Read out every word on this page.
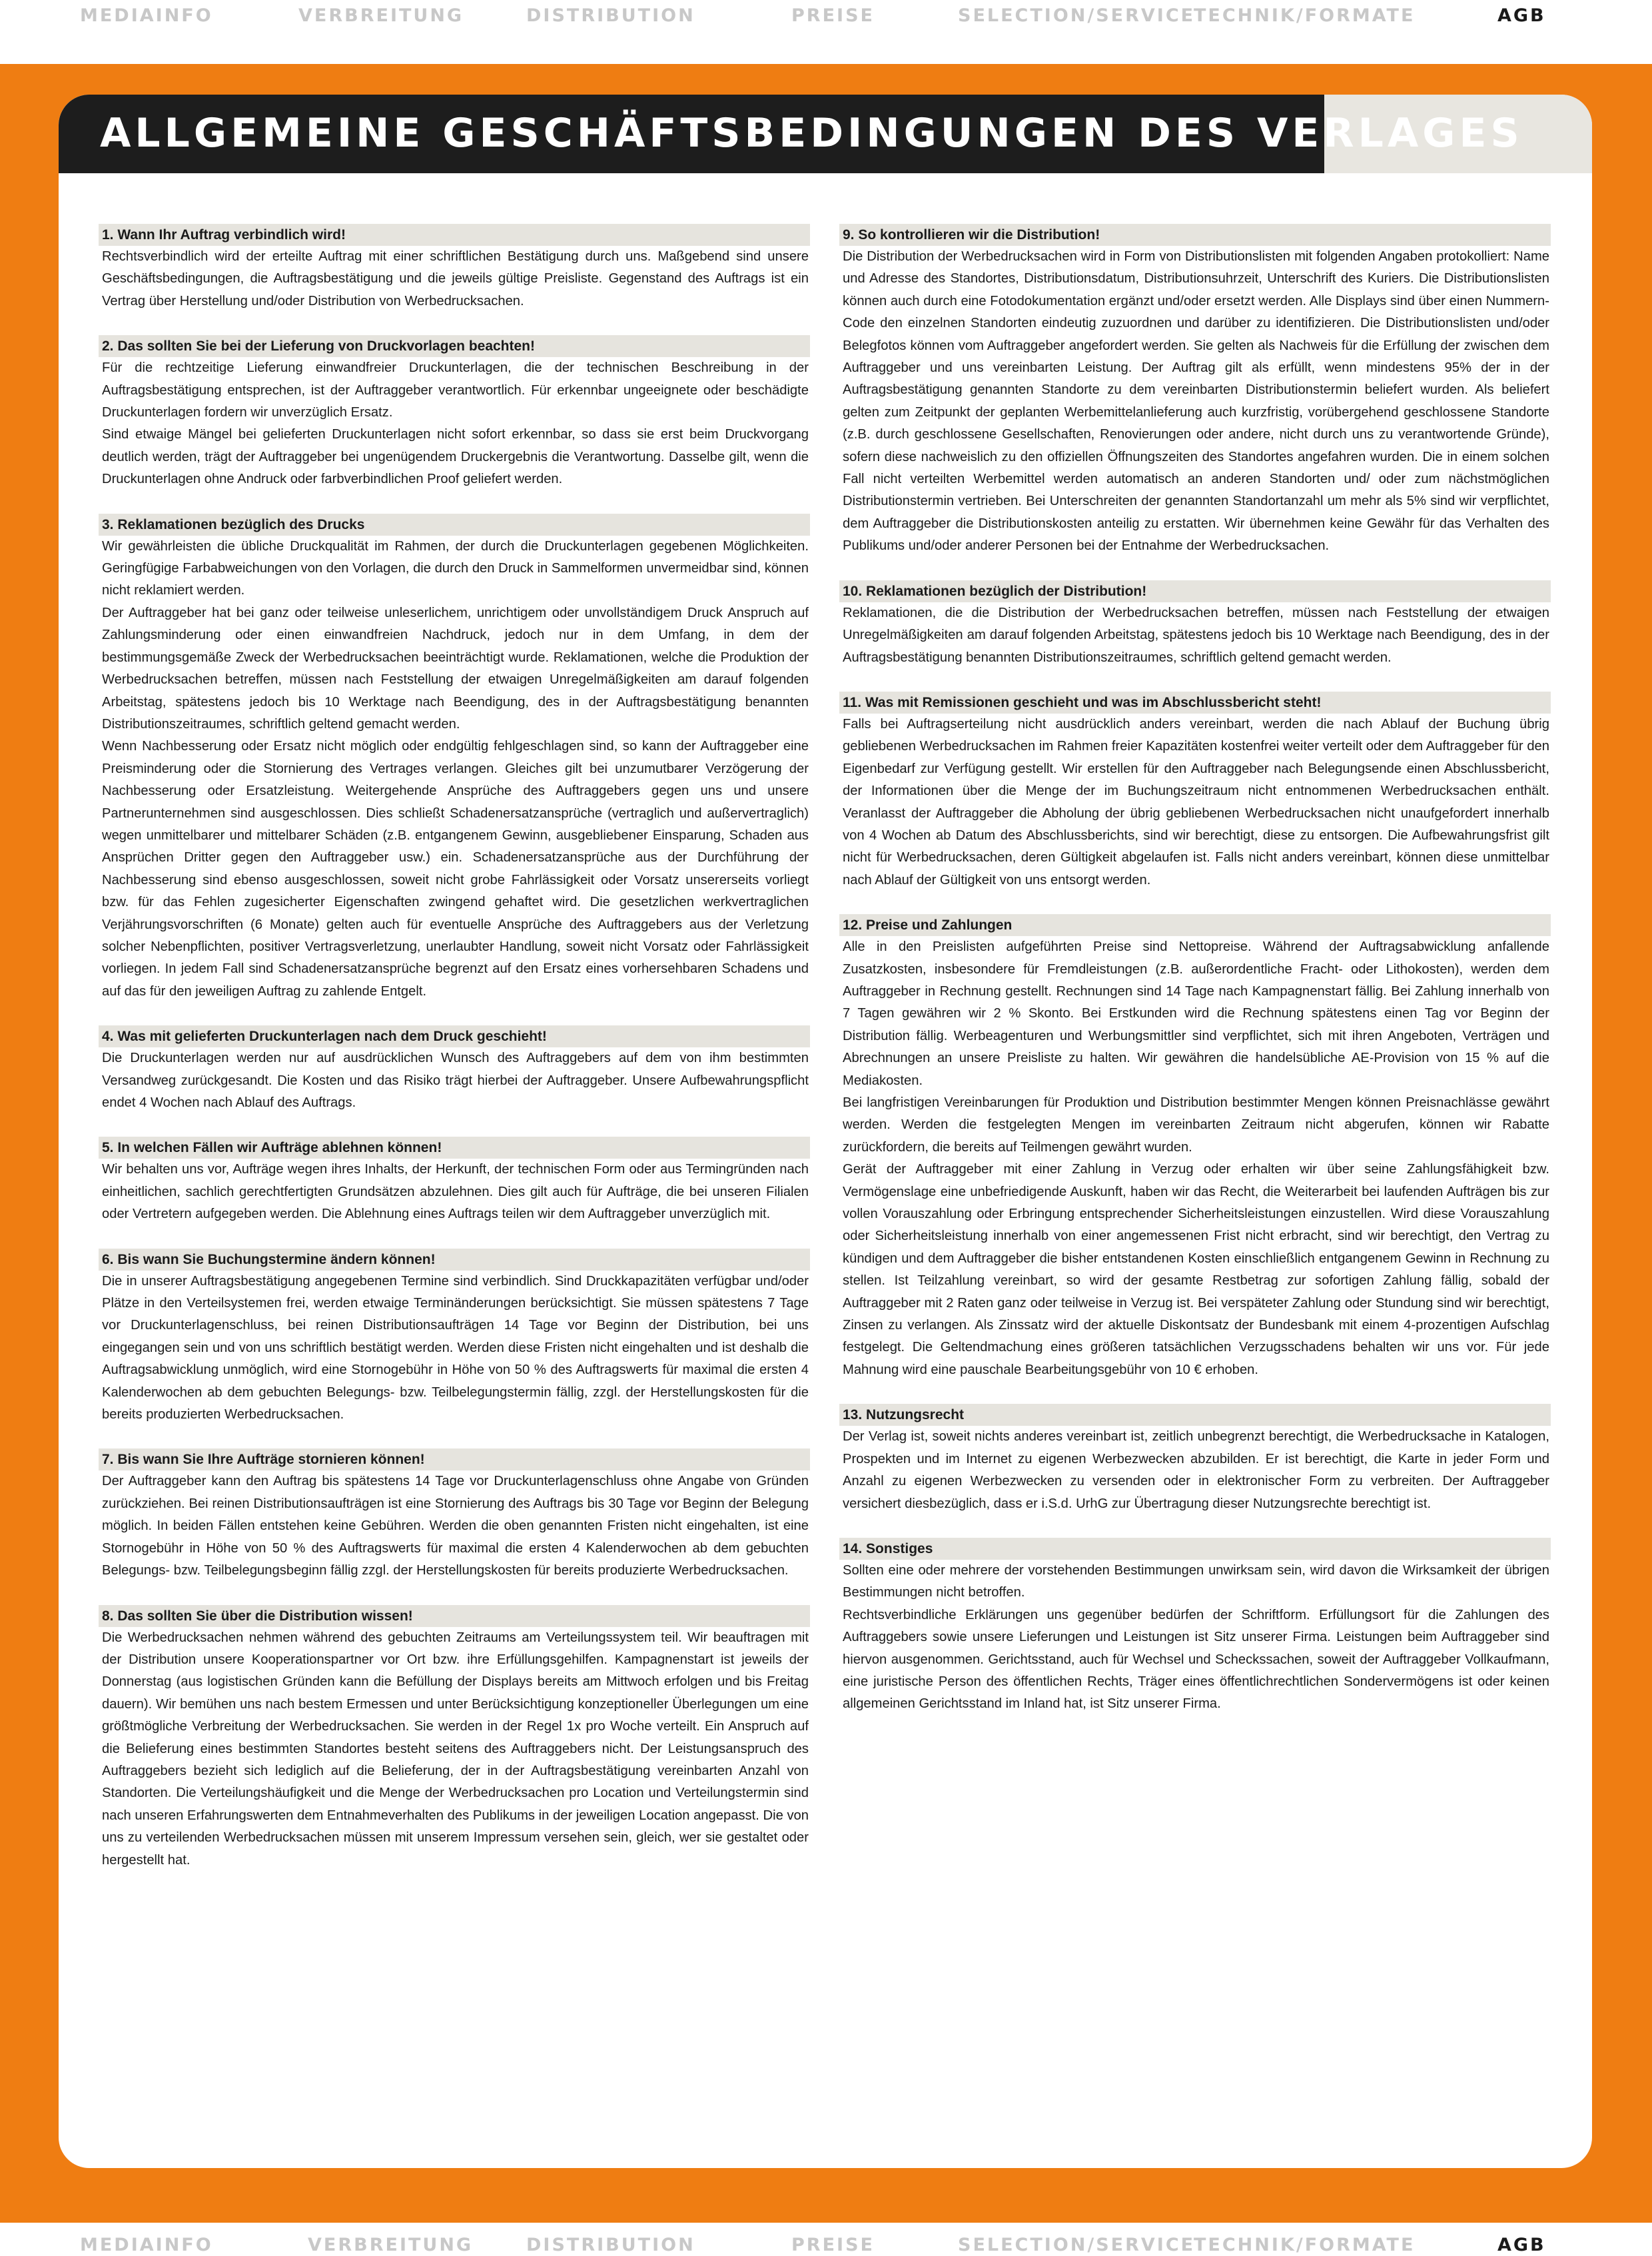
MEDIAINFO	VERBREITUNG	DISTRIBUTION	PREISE	SELECTION/SERVICE
TECHNIK/FORMATE	AGB
ALLGEMEINE GESCHÄFTSBEDINGUNGEN DES VERLAGES
1. Wann Ihr Auftrag verbindlich wird!

Rechtsverbindlich wird der erteilte Auftrag mit einer schriftlichen Bestätigung durch uns. Maßgebend sind unsere Geschäftsbedingungen, die Auftragsbestätigung und die jeweils gültige Preisliste. Gegenstand des Auftrags ist ein Vertrag über Herstellung und/oder Distribution von Werbedrucksachen.

2. Das sollten Sie bei der Lieferung von Druckvorlagen beachten!

Für die rechtzeitige Lieferung einwandfreier Druckunterlagen, die der technischen Beschreibung in der Auftragsbestätigung entsprechen, ist der Auftraggeber verantwortlich. Für erkennbar ungeeignete oder beschädigte Druckunterlagen fordern wir unverzüglich Ersatz.

Sind etwaige Mängel bei gelieferten Druckunterlagen nicht sofort erkennbar, so dass sie erst beim Druckvorgang deutlich werden, trägt der Auftraggeber bei ungenügendem Druckergebnis die Verantwortung. Dasselbe gilt, wenn die Druckunterlagen ohne Andruck oder farbverbindlichen Proof geliefert werden.

3. Reklamationen bezüglich des Drucks

Wir gewährleisten die übliche Druckqualität im Rahmen, der durch die Druckunterlagen gegebenen Möglichkeiten. Geringfügige Farbabweichungen von den Vorlagen, die durch den Druck in Sammelformen unvermeidbar sind, können nicht reklamiert werden.

Der Auftraggeber hat bei ganz oder teilweise unleserlichem, unrichtigem oder unvollständigem Druck Anspruch auf Zahlungsminderung oder einen einwandfreien Nachdruck, jedoch nur in dem Umfang, in dem der bestimmungsgemäße Zweck der Werbedrucksachen beeinträchtigt wurde. Reklamationen, welche die Produktion der Werbedrucksachen betreffen, müssen nach Feststellung der etwaigen Unregelmäßigkeiten am darauf folgenden Arbeitstag, spätestens jedoch bis 10 Werktage nach Beendigung, des in der Auftragsbestätigung benannten Distributionszeitraumes, schriftlich geltend gemacht werden.

Wenn Nachbesserung oder Ersatz nicht möglich oder endgültig fehlgeschlagen sind, so kann der Auftraggeber eine Preisminderung oder die Stornierung des Vertrages verlangen. Gleiches gilt bei unzumutbarer Verzögerung der Nachbesserung oder Ersatzleistung. Weitergehende Ansprüche des Auftraggebers gegen uns und unsere Partnerunternehmen sind ausgeschlossen. Dies schließt Schadenersatzansprüche (vertraglich und außervertraglich) wegen unmittelbarer und mittelbarer Schäden (z.B. entgangenem Gewinn, ausgebliebener Einsparung, Schaden aus Ansprüchen Dritter gegen den Auftraggeber usw.) ein. Schadenersatzansprüche aus der Durchführung der Nachbesserung sind ebenso ausgeschlossen, soweit nicht grobe Fahrlässigkeit oder Vorsatz unsererseits vorliegt bzw. für das Fehlen zugesicherter Eigenschaften zwingend gehaftet wird. Die gesetzlichen werkvertraglichen Verjährungsvorschriften (6 Monate) gelten auch für eventuelle Ansprüche des Auftraggebers aus der Verletzung solcher Nebenpflichten, positiver Vertragsverletzung, unerlaubter Handlung, soweit nicht Vorsatz oder Fahrlässigkeit vorliegen. In jedem Fall sind Schadenersatzansprüche begrenzt auf den Ersatz eines vorhersehbaren Schadens und auf das für den jeweiligen Auftrag zu zahlende Entgelt.

4. Was mit gelieferten Druckunterlagen nach dem Druck geschieht!

Die Druckunterlagen werden nur auf ausdrücklichen Wunsch des Auftraggebers auf dem von ihm bestimmten Versandweg zurückgesandt. Die Kosten und das Risiko trägt hierbei der Auftraggeber. Unsere Aufbewahrungspflicht endet 4 Wochen nach Ablauf des Auftrags.

5. In welchen Fällen wir Aufträge ablehnen können!

Wir behalten uns vor, Aufträge wegen ihres Inhalts, der Herkunft, der technischen Form oder aus Termingründen nach einheitlichen, sachlich gerechtfertigten Grundsätzen abzulehnen. Dies gilt auch für Aufträge, die bei unseren Filialen oder Vertretern aufgegeben werden. Die Ablehnung eines Auftrags teilen wir dem Auftraggeber unverzüglich mit.

6. Bis wann Sie Buchungstermine ändern können!

Die in unserer Auftragsbestätigung angegebenen Termine sind verbindlich. Sind Druckkapazitäten verfügbar und/oder Plätze in den Verteilsystemen frei, werden etwaige Terminänderungen berücksichtigt. Sie müssen spätestens 7 Tage vor Druckunterlagenschluss, bei reinen Distributionsaufträgen 14 Tage vor Beginn der Distribution, bei uns eingegangen sein und von uns schriftlich bestätigt werden. Werden diese Fristen nicht eingehalten und ist deshalb die Auftragsabwicklung unmöglich, wird eine Stornogebühr in Höhe von 50 % des Auftragswerts für maximal die ersten 4 Kalenderwochen ab dem gebuchten Belegungs- bzw. Teilbelegungstermin fällig, zzgl. der Herstellungskosten für die bereits produzierten Werbedrucksachen.

7. Bis wann Sie Ihre Aufträge stornieren können!

Der Auftraggeber kann den Auftrag bis spätestens 14 Tage vor Druckunterlagenschluss ohne Angabe von Gründen zurückziehen. Bei reinen Distributionsaufträgen ist eine Stornierung des Auftrags bis 30 Tage vor Beginn der Belegung möglich. In beiden Fällen entstehen keine Gebühren. Werden die oben genannten Fristen nicht eingehalten, ist eine Stornogebühr in Höhe von 50 % des Auftragswerts für maximal die ersten 4 Kalenderwochen ab dem gebuchten Belegungs- bzw. Teilbelegungsbeginn fällig zzgl. der Herstellungskosten für bereits produzierte Werbedrucksachen.

8. Das sollten Sie über die Distribution wissen!

Die Werbedrucksachen nehmen während des gebuchten Zeitraums am Verteilungssystem teil. Wir beauftragen mit der Distribution unsere Kooperationspartner vor Ort bzw. ihre Erfüllungsgehilfen. Kampagnenstart ist jeweils der Donnerstag (aus logistischen Gründen kann die Befüllung der Displays bereits am Mittwoch erfolgen und bis Freitag dauern). Wir bemühen uns nach bestem Ermessen und unter Berücksichtigung konzeptioneller Überlegungen um eine größtmögliche Verbreitung der Werbedrucksachen. Sie werden in der Regel 1x pro Woche verteilt. Ein Anspruch auf die Belieferung eines bestimmten Standortes besteht seitens des Auftraggebers nicht. Der Leistungsanspruch des Auftraggebers bezieht sich lediglich auf die Belieferung, der in der Auftragsbestätigung vereinbarten Anzahl von Standorten. Die Verteilungshäufigkeit und die Menge der Werbedrucksachen pro Location und Verteilungstermin sind nach unseren Erfahrungswerten dem Entnahmeverhalten des Publikums in der jeweiligen Location angepasst. Die von uns zu verteilenden Werbedrucksachen müssen mit unserem Impressum versehen sein, gleich, wer sie gestaltet oder hergestellt hat.

9. So kontrollieren wir die Distribution!

Die Distribution der Werbedrucksachen wird in Form von Distributionslisten mit folgenden Angaben protokolliert: Name und Adresse des Standortes, Distributionsdatum, Distributionsuhrzeit, Unterschrift des Kuriers. Die Distributionslisten können auch durch eine Fotodokumentation ergänzt und/oder ersetzt werden. Alle Displays sind über einen Nummern-Code den einzelnen Standorten eindeutig zuzuordnen und darüber zu identifizieren. Die Distributionslisten und/oder Belegfotos können vom Auftraggeber angefordert werden. Sie gelten als Nachweis für die Erfüllung der zwischen dem Auftraggeber und uns vereinbarten Leistung. Der Auftrag gilt als erfüllt, wenn mindestens 95% der in der Auftragsbestätigung genannten Standorte zu dem vereinbarten Distributionstermin beliefert wurden. Als beliefert gelten zum Zeitpunkt der geplanten Werbemittelanlieferung auch kurzfristig, vorübergehend geschlossene Standorte (z.B. durch geschlossene Gesellschaften, Renovierungen oder andere, nicht durch uns zu verantwortende Gründe), sofern diese nachweislich zu den offiziellen Öffnungszeiten des Standortes angefahren wurden. Die in einem solchen Fall nicht verteilten Werbemittel werden automatisch an anderen Standorten und/ oder zum nächstmöglichen Distributionstermin vertrieben. Bei Unterschreiten der genannten Standortanzahl um mehr als 5% sind wir verpflichtet, dem Auftraggeber die Distributionskosten anteilig zu erstatten. Wir übernehmen keine Gewähr für das Verhalten des Publikums und/oder anderer Personen bei der Entnahme der Werbedrucksachen.

10. Reklamationen bezüglich der Distribution!

Reklamationen, die die Distribution der Werbedrucksachen betreffen, müssen nach Feststellung der etwaigen Unregelmäßigkeiten am darauf folgenden Arbeitstag, spätestens jedoch bis 10 Werktage nach Beendigung, des in der Auftragsbestätigung benannten Distributionszeitraumes, schriftlich geltend gemacht werden.

11. Was mit Remissionen geschieht und was im Abschlussbericht steht!

Falls bei Auftragserteilung nicht ausdrücklich anders vereinbart, werden die nach Ablauf der Buchung übrig gebliebenen Werbedrucksachen im Rahmen freier Kapazitäten kostenfrei weiter verteilt oder dem Auftraggeber für den Eigenbedarf zur Verfügung gestellt. Wir erstellen für den Auftraggeber nach Belegungsende einen Abschlussbericht, der Informationen über die Menge der im Buchungszeitraum nicht entnommenen Werbedrucksachen enthält. Veranlasst der Auftraggeber die Abholung der übrig gebliebenen Werbedrucksachen nicht unaufgefordert innerhalb von 4 Wochen ab Datum des Abschlussberichts, sind wir berechtigt, diese zu entsorgen. Die Aufbewahrungsfrist gilt nicht für Werbedrucksachen, deren Gültigkeit abgelaufen ist. Falls nicht anders vereinbart, können diese unmittelbar nach Ablauf der Gültigkeit von uns entsorgt werden.

12. Preise und Zahlungen

Alle in den Preislisten aufgeführten Preise sind Nettopreise. Während der Auftragsabwicklung anfallende Zusatzkosten, insbesondere für Fremdleistungen (z.B. außerordentliche Fracht- oder Lithokosten), werden dem Auftraggeber in Rechnung gestellt. Rechnungen sind 14 Tage nach Kampagnenstart fällig. Bei Zahlung innerhalb von 7 Tagen gewähren wir 2 % Skonto. Bei Erstkunden wird die Rechnung spätestens einen Tag vor Beginn der Distribution fällig. Werbeagenturen und Werbungsmittler sind verpflichtet, sich mit ihren Angeboten, Verträgen und Abrechnungen an unsere Preisliste zu halten. Wir gewähren die handelsübliche AE-Provision von 15 % auf die Mediakosten.

Bei langfristigen Vereinbarungen für Produktion und Distribution bestimmter Mengen können Preisnachlässe gewährt werden. Werden die festgelegten Mengen im vereinbarten Zeitraum nicht abgerufen, können wir Rabatte zurückfordern, die bereits auf Teilmengen gewährt wurden.

Gerät der Auftraggeber mit einer Zahlung in Verzug oder erhalten wir über seine Zahlungsfähigkeit bzw. Vermögenslage eine unbefriedigende Auskunft, haben wir das Recht, die Weiterarbeit bei laufenden Aufträgen bis zur vollen Vorauszahlung oder Erbringung entsprechender Sicherheitsleistungen einzustellen. Wird diese Vorauszahlung oder Sicherheitsleistung innerhalb von einer angemessenen Frist nicht erbracht, sind wir berechtigt, den Vertrag zu kündigen und dem Auftraggeber die bisher entstandenen Kosten einschließlich entgangenem Gewinn in Rechnung zu stellen. Ist Teilzahlung vereinbart, so wird der gesamte Restbetrag zur sofortigen Zahlung fällig, sobald der Auftraggeber mit 2 Raten ganz oder teilweise in Verzug ist. Bei verspäteter Zahlung oder Stundung sind wir berechtigt, Zinsen zu verlangen. Als Zinssatz wird der aktuelle Diskontsatz der Bundesbank mit einem 4-prozentigen Aufschlag festgelegt. Die Geltendmachung eines größeren tatsächlichen Verzugsschadens behalten wir uns vor. Für jede Mahnung wird eine pauschale Bearbeitungsgebühr von 10 € erhoben.

13. Nutzungsrecht

Der Verlag ist, soweit nichts anderes vereinbart ist, zeitlich unbegrenzt berechtigt, die Werbedrucksache in Katalogen, Prospekten und im Internet zu eigenen Werbezwecken abzubilden. Er ist berechtigt, die Karte in jeder Form und Anzahl zu eigenen Werbezwecken zu versenden oder in elektronischer Form zu verbreiten. Der Auftraggeber versichert diesbezüglich, dass er i.S.d. UrhG zur Übertragung dieser Nutzungsrechte berechtigt ist.

14. Sonstiges

Sollten eine oder mehrere der vorstehenden Bestimmungen unwirksam sein, wird davon die Wirksamkeit der übrigen Bestimmungen nicht betroffen.

Rechtsverbindliche Erklärungen uns gegenüber bedürfen der Schriftform. Erfüllungsort für die Zahlungen des Auftraggebers sowie unsere Lieferungen und Leistungen ist Sitz unserer Firma. Leistungen beim Auftraggeber sind hiervon ausgenommen. Gerichtsstand, auch für Wechsel und Scheckssachen, soweit der Auftraggeber Vollkaufmann, eine juristische Person des öffentlichen Rechts, Träger eines öffentlichrechtlichen Sondervermögens ist oder keinen allgemeinen Gerichtsstand im Inland hat, ist Sitz unserer Firma.

MEDIAINFO	VERBREITUNG	DISTRIBUTION	PREISE	SELECTION/SERVICE
TECHNIK/FORMATE	AGB
